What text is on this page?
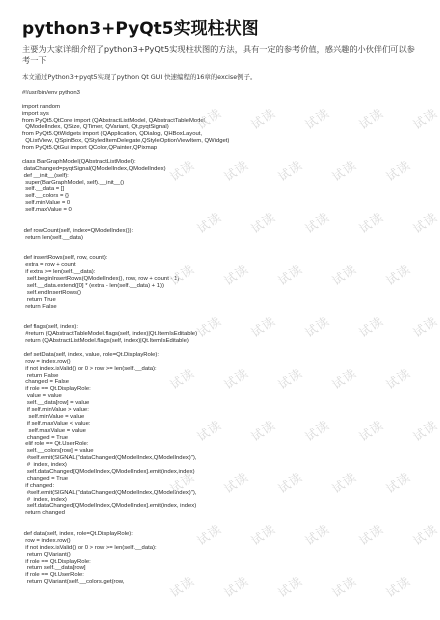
python3+PyQt5实现柱状图
主要为大家详细介绍了python3+PyQt5实现柱状图的方法，具有一定的参考价值，感兴趣的小伙伴们可以参考一下
本文通过Python3+pyqt5实现了python Qt GUI 快速编程的16章的excise例子。
#!/usr/bin/env python3
import random
import sys
from PyQt5.QtCore import (QAbstractListModel, QAbstractTableModel,
QModelIndex, QSize, QTimer, QVariant, Qt,pyqtSignal)
from PyQt5.QtWidgets import (QApplication, QDialog, QHBoxLayout,
QListView, QSpinBox, QStyledItemDelegate,QStyleOptionViewItem, QWidget)
from PyQt5.QtGui import QColor,QPainter,QPixmap
class BarGraphModel(QAbstractListModel):
dataChanged=pyqtSignal(QModelIndex,QModelIndex)
def __init__(self):
super(BarGraphModel, self).__init__()
self.__data = []
self.__colors = {}
self.minValue = 0
self.maxValue = 0
def rowCount(self, index=QModelIndex()):
return len(self.__data)
def insertRows(self, row, count):
extra = row + count
if extra >= len(self.__data):
self.beginInsertRows(QModelIndex(), row, row + count - 1)
self.__data.extend([0] * (extra - len(self.__data) + 1))
self.endInsertRows()
return True
return False
def flags(self, index):
#return (QAbstractTableModel.flags(self, index)|Qt.ItemIsEditable)
return (QAbstractListModel.flags(self, index)|Qt.ItemIsEditable)
def setData(self, index, value, role=Qt.DisplayRole):
row = index.row()
if not index.isValid() or 0 > row >= len(self.__data):
return False
changed = False
if role == Qt.DisplayRole:
value = value
self.__data[row] = value
if self.minValue > value:
self.minValue = value
if self.maxValue < value:
self.maxValue = value
changed = True
elif role == Qt.UserRole:
self.__colors[row] = value
#self.emit(SIGNAL("dataChanged(QModelIndex,QModelIndex)"),
#  index, index)
self.dataChanged[QModelIndex,QModelIndex].emit(index,index)
changed = True
if changed:
#self.emit(SIGNAL("dataChanged(QModelIndex,QModelIndex)"),
#  index, index)
self.dataChanged[QModelIndex,QModelIndex].emit(index, index)
return changed
def data(self, index, role=Qt.DisplayRole):
row = index.row()
if not index.isValid() or 0 > row >= len(self.__data):
return QVariant()
if role == Qt.DisplayRole:
return self.__data[row]
if role == Qt.UserRole:
return QVariant(self.__colors.get(row,
试读 试读 试读 试读 试读
试读 试读 试读 试读 试读
试读 试读 试读 试读 试读
试读 试读 试读 试读 试读
试读 试读 试读 试读 试读
试读 试读 试读 试读 试读
试读 试读 试读 试读 试读
试读 试读 试读 试读 试读
试读 试读 试读 试读 试读
试读 试读 试读 试读 试读
